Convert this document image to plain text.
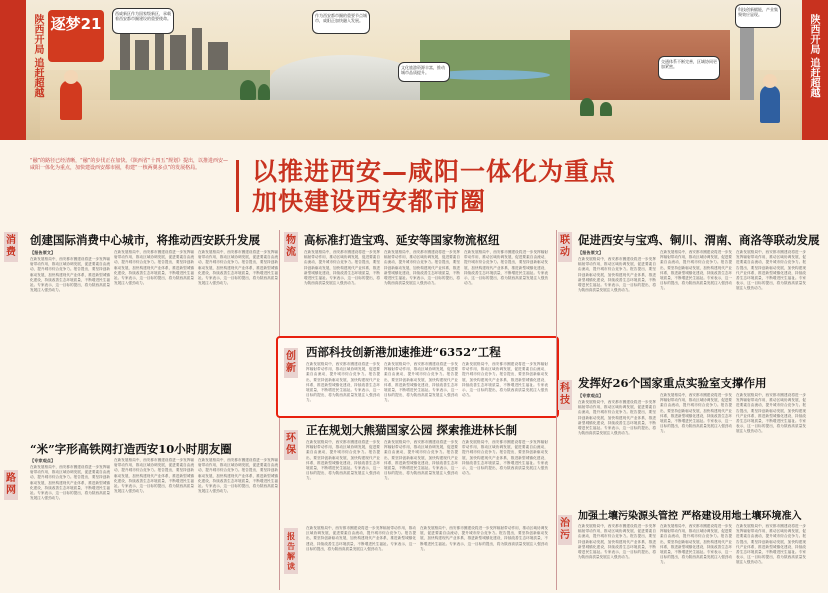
西咸新区作为国家级新区，承载着西安都市圈建设的重要使命。
作为西安都市圈的重要节点城市，咸阳正加快融入发展。
文化旅游资源丰富，推动城市品质提升。
交通体系不断完善，区域协同更加紧密。
科技创新赋能，产业集聚效应显现。
陕西开局 追赶超越	陕西开局 追赶超越
逐梦21
“融”的路径已经清晰，“融”的步伐正在加快。《陕西省“十四五”规划》提出，以推进西安—咸阳一体化为重点，加快建设西安都市圈，构建“一核两翼多点”的发展格局。	以推进西安—咸阳一体化为重点
加快建设西安都市圈
消费
创建国际消费中心城市，将推动西安跃升发展
【报告原文】
在新发展格局中，西安都市圈建设将进一步发挥辐射带动作用，推动区域协调发展，促进要素自由流动，提升城市综合竞争力。报告提出，要坚持创新驱动发展，加快构建现代产业体系，推进新型城镇化建设，持续改善生态环境质量，不断增进民生福祉。专家表示，这一目标的提出，将为陕西高质量发展注入强劲动力。
在新发展格局中，西安都市圈建设将进一步发挥辐射带动作用，推动区域协调发展，促进要素自由流动，提升城市综合竞争力。报告提出，要坚持创新驱动发展，加快构建现代产业体系，推进新型城镇化建设，持续改善生态环境质量，不断增进民生福祉。专家表示，这一目标的提出，将为陕西高质量发展注入强劲动力。
在新发展格局中，西安都市圈建设将进一步发挥辐射带动作用，推动区域协调发展，促进要素自由流动，提升城市综合竞争力。报告提出，要坚持创新驱动发展，加快构建现代产业体系，推进新型城镇化建设，持续改善生态环境质量，不断增进民生福祉。专家表示，这一目标的提出，将为陕西高质量发展注入强劲动力。
路网
“米”字形高铁网打造西安10小时朋友圈
【专家观点】
在新发展格局中，西安都市圈建设将进一步发挥辐射带动作用，推动区域协调发展，促进要素自由流动，提升城市综合竞争力。报告提出，要坚持创新驱动发展，加快构建现代产业体系，推进新型城镇化建设，持续改善生态环境质量，不断增进民生福祉。专家表示，这一目标的提出，将为陕西高质量发展注入强劲动力。
在新发展格局中，西安都市圈建设将进一步发挥辐射带动作用，推动区域协调发展，促进要素自由流动，提升城市综合竞争力。报告提出，要坚持创新驱动发展，加快构建现代产业体系，推进新型城镇化建设，持续改善生态环境质量，不断增进民生福祉。专家表示，这一目标的提出，将为陕西高质量发展注入强劲动力。
在新发展格局中，西安都市圈建设将进一步发挥辐射带动作用，推动区域协调发展，促进要素自由流动，提升城市综合竞争力。报告提出，要坚持创新驱动发展，加快构建现代产业体系，推进新型城镇化建设，持续改善生态环境质量，不断增进民生福祉。专家表示，这一目标的提出，将为陕西高质量发展注入强劲动力。
物流
高标准打造宝鸡、延安等国家物流枢纽
在新发展格局中，西安都市圈建设将进一步发挥辐射带动作用，推动区域协调发展，促进要素自由流动，提升城市综合竞争力。报告提出，要坚持创新驱动发展，加快构建现代产业体系，推进新型城镇化建设，持续改善生态环境质量，不断增进民生福祉。专家表示，这一目标的提出，将为陕西高质量发展注入强劲动力。
在新发展格局中，西安都市圈建设将进一步发挥辐射带动作用，推动区域协调发展，促进要素自由流动，提升城市综合竞争力。报告提出，要坚持创新驱动发展，加快构建现代产业体系，推进新型城镇化建设，持续改善生态环境质量，不断增进民生福祉。专家表示，这一目标的提出，将为陕西高质量发展注入强劲动力。
在新发展格局中，西安都市圈建设将进一步发挥辐射带动作用，推动区域协调发展，促进要素自由流动，提升城市综合竞争力。报告提出，要坚持创新驱动发展，加快构建现代产业体系，推进新型城镇化建设，持续改善生态环境质量，不断增进民生福祉。专家表示，这一目标的提出，将为陕西高质量发展注入强劲动力。
创新
西部科技创新港加速推进“6352”工程
在新发展格局中，西安都市圈建设将进一步发挥辐射带动作用，推动区域协调发展，促进要素自由流动，提升城市综合竞争力。报告提出，要坚持创新驱动发展，加快构建现代产业体系，推进新型城镇化建设，持续改善生态环境质量，不断增进民生福祉。专家表示，这一目标的提出，将为陕西高质量发展注入强劲动力。
在新发展格局中，西安都市圈建设将进一步发挥辐射带动作用，推动区域协调发展，促进要素自由流动，提升城市综合竞争力。报告提出，要坚持创新驱动发展，加快构建现代产业体系，推进新型城镇化建设，持续改善生态环境质量，不断增进民生福祉。专家表示，这一目标的提出，将为陕西高质量发展注入强劲动力。
在新发展格局中，西安都市圈建设将进一步发挥辐射带动作用，推动区域协调发展，促进要素自由流动，提升城市综合竞争力。报告提出，要坚持创新驱动发展，加快构建现代产业体系，推进新型城镇化建设，持续改善生态环境质量，不断增进民生福祉。专家表示，这一目标的提出，将为陕西高质量发展注入强劲动力。
环保
正在规划大熊猫国家公园 探索推进林长制
在新发展格局中，西安都市圈建设将进一步发挥辐射带动作用，推动区域协调发展，促进要素自由流动，提升城市综合竞争力。报告提出，要坚持创新驱动发展，加快构建现代产业体系，推进新型城镇化建设，持续改善生态环境质量，不断增进民生福祉。专家表示，这一目标的提出，将为陕西高质量发展注入强劲动力。
在新发展格局中，西安都市圈建设将进一步发挥辐射带动作用，推动区域协调发展，促进要素自由流动，提升城市综合竞争力。报告提出，要坚持创新驱动发展，加快构建现代产业体系，推进新型城镇化建设，持续改善生态环境质量，不断增进民生福祉。专家表示，这一目标的提出，将为陕西高质量发展注入强劲动力。
在新发展格局中，西安都市圈建设将进一步发挥辐射带动作用，推动区域协调发展，促进要素自由流动，提升城市综合竞争力。报告提出，要坚持创新驱动发展，加快构建现代产业体系，推进新型城镇化建设，持续改善生态环境质量，不断增进民生福祉。专家表示，这一目标的提出，将为陕西高质量发展注入强劲动力。
报告解读
在新发展格局中，西安都市圈建设将进一步发挥辐射带动作用，推动区域协调发展，促进要素自由流动，提升城市综合竞争力。报告提出，要坚持创新驱动发展，加快构建现代产业体系，推进新型城镇化建设，持续改善生态环境质量，不断增进民生福祉。专家表示，这一目标的提出，将为陕西高质量发展注入强劲动力。
在新发展格局中，西安都市圈建设将进一步发挥辐射带动作用，推动区域协调发展，促进要素自由流动，提升城市综合竞争力。报告提出，要坚持创新驱动发展，加快构建现代产业体系，推进新型城镇化建设，持续改善生态环境质量，不断增进民生福祉。专家表示，这一目标的提出，将为陕西高质量发展注入强劲动力。
联动
促进西安与宝鸡、铜川、渭南、商洛等联动发展
【报告原文】
在新发展格局中，西安都市圈建设将进一步发挥辐射带动作用，推动区域协调发展，促进要素自由流动，提升城市综合竞争力。报告提出，要坚持创新驱动发展，加快构建现代产业体系，推进新型城镇化建设，持续改善生态环境质量，不断增进民生福祉。专家表示，这一目标的提出，将为陕西高质量发展注入强劲动力。
在新发展格局中，西安都市圈建设将进一步发挥辐射带动作用，推动区域协调发展，促进要素自由流动，提升城市综合竞争力。报告提出，要坚持创新驱动发展，加快构建现代产业体系，推进新型城镇化建设，持续改善生态环境质量，不断增进民生福祉。专家表示，这一目标的提出，将为陕西高质量发展注入强劲动力。
在新发展格局中，西安都市圈建设将进一步发挥辐射带动作用，推动区域协调发展，促进要素自由流动，提升城市综合竞争力。报告提出，要坚持创新驱动发展，加快构建现代产业体系，推进新型城镇化建设，持续改善生态环境质量，不断增进民生福祉。专家表示，这一目标的提出，将为陕西高质量发展注入强劲动力。
科技
发挥好26个国家重点实验室支撑作用
【专家观点】
在新发展格局中，西安都市圈建设将进一步发挥辐射带动作用，推动区域协调发展，促进要素自由流动，提升城市综合竞争力。报告提出，要坚持创新驱动发展，加快构建现代产业体系，推进新型城镇化建设，持续改善生态环境质量，不断增进民生福祉。专家表示，这一目标的提出，将为陕西高质量发展注入强劲动力。
在新发展格局中，西安都市圈建设将进一步发挥辐射带动作用，推动区域协调发展，促进要素自由流动，提升城市综合竞争力。报告提出，要坚持创新驱动发展，加快构建现代产业体系，推进新型城镇化建设，持续改善生态环境质量，不断增进民生福祉。专家表示，这一目标的提出，将为陕西高质量发展注入强劲动力。
在新发展格局中，西安都市圈建设将进一步发挥辐射带动作用，推动区域协调发展，促进要素自由流动，提升城市综合竞争力。报告提出，要坚持创新驱动发展，加快构建现代产业体系，推进新型城镇化建设，持续改善生态环境质量，不断增进民生福祉。专家表示，这一目标的提出，将为陕西高质量发展注入强劲动力。
治污
加强土壤污染源头管控 严格建设用地土壤环境准入
在新发展格局中，西安都市圈建设将进一步发挥辐射带动作用，推动区域协调发展，促进要素自由流动，提升城市综合竞争力。报告提出，要坚持创新驱动发展，加快构建现代产业体系，推进新型城镇化建设，持续改善生态环境质量，不断增进民生福祉。专家表示，这一目标的提出，将为陕西高质量发展注入强劲动力。
在新发展格局中，西安都市圈建设将进一步发挥辐射带动作用，推动区域协调发展，促进要素自由流动，提升城市综合竞争力。报告提出，要坚持创新驱动发展，加快构建现代产业体系，推进新型城镇化建设，持续改善生态环境质量，不断增进民生福祉。专家表示，这一目标的提出，将为陕西高质量发展注入强劲动力。
在新发展格局中，西安都市圈建设将进一步发挥辐射带动作用，推动区域协调发展，促进要素自由流动，提升城市综合竞争力。报告提出，要坚持创新驱动发展，加快构建现代产业体系，推进新型城镇化建设，持续改善生态环境质量，不断增进民生福祉。专家表示，这一目标的提出，将为陕西高质量发展注入强劲动力。
